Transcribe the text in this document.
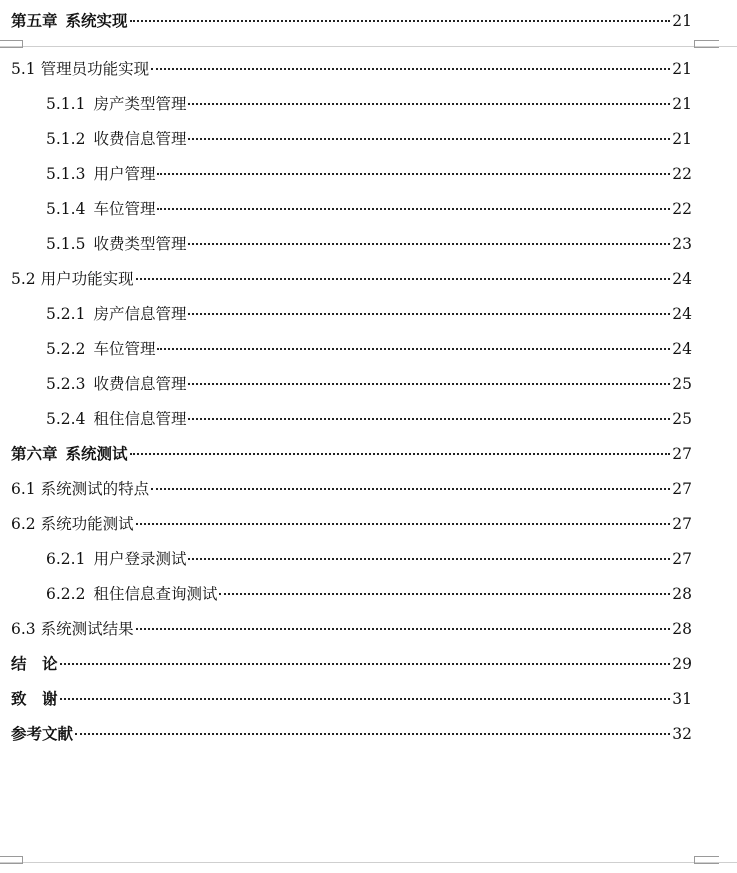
第五章 系统实现	21
5.1 管理员功能实现	21
5.1.1 房产类型管理	21
5.1.2 收费信息管理	21
5.1.3 用户管理	22
5.1.4 车位管理	22
5.1.5 收费类型管理	23
5.2 用户功能实现	24
5.2.1 房产信息管理	24
5.2.2 车位管理	24
5.2.3 收费信息管理	25
5.2.4 租住信息管理	25
第六章 系统测试	27
6.1 系统测试的特点	27
6.2 系统功能测试	27
6.2.1 用户登录测试	27
6.2.2 租住信息查询测试	28
6.3 系统测试结果	28
结　论	29
致　谢	31
参考文献	32
